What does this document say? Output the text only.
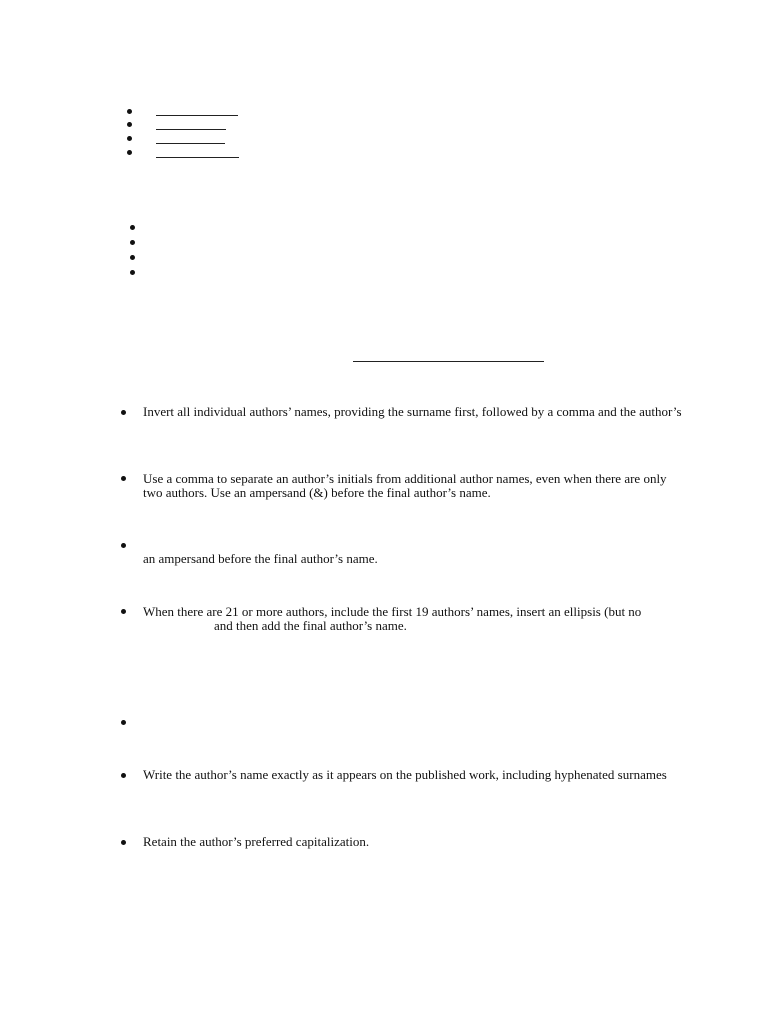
Invert all individual authors’ names, providing the surname first, followed by a comma and the author’s
Use a comma to separate an author’s initials from additional author names, even when there are only
two authors. Use an ampersand (&) before the final author’s name.
an ampersand before the final author’s name.
When there are 21 or more authors, include the first 19 authors’ names, insert an ellipsis (but no
and then add the final author’s name.
Write the author’s name exactly as it appears on the published work, including hyphenated surnames
Retain the author’s preferred capitalization.
